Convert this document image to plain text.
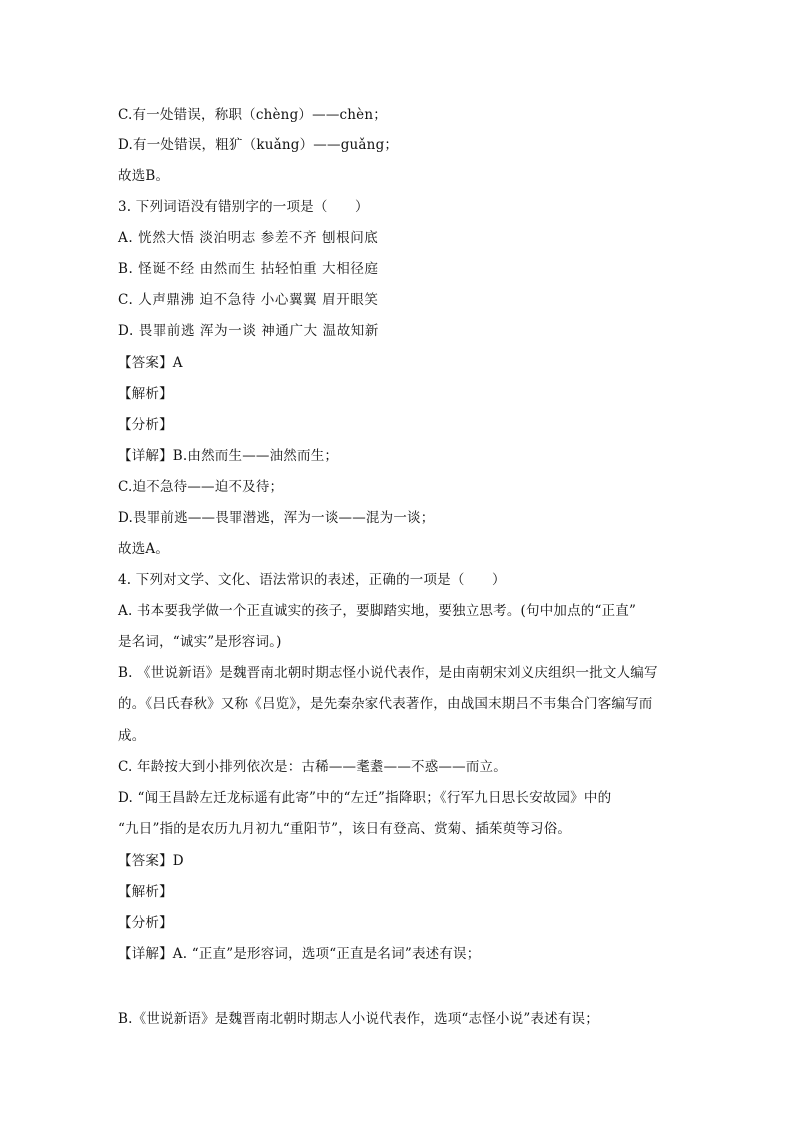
C.有一处错误，称职（chèng）——chèn；
D.有一处错误，粗犷（kuǎng）——guǎng；
故选B。
3. 下列词语没有错别字的一项是（　　）
A. 恍然大悟 淡泊明志 参差不齐 刨根问底
B. 怪诞不经 由然而生 拈轻怕重 大相径庭
C. 人声鼎沸 迫不急待 小心翼翼 眉开眼笑
D. 畏罪前逃 浑为一谈 神通广大 温故知新
【答案】A
【解析】
【分析】
【详解】B.由然而生——油然而生；
C.迫不急待——迫不及待；
D.畏罪前逃——畏罪潜逃，浑为一谈——混为一谈；
故选A。
4. 下列对文学、文化、语法常识的表述，正确的一项是（　　）
A. 书本要我学做一个正直诚实的孩子，要脚踏实地，要独立思考。(句中加点的“正直”
是名词，“诚实”是形容词。)
B. 《世说新语》是魏晋南北朝时期志怪小说代表作，是由南朝宋刘义庆组织一批文人编写
的。《吕氏春秋》又称《吕览》，是先秦杂家代表著作，由战国末期吕不韦集合门客编写而
成。
C. 年龄按大到小排列依次是：古稀——耄耋——不惑——而立。
D. “闻王昌龄左迁龙标遥有此寄”中的“左迁”指降职；《行军九日思长安故园》中的
“九日”指的是农历九月初九“重阳节”，该日有登高、赏菊、插茱萸等习俗。
【答案】D
【解析】
【分析】
【详解】A. “正直”是形容词，选项“正直是名词”表述有误；
B.《世说新语》是魏晋南北朝时期志人小说代表作，选项“志怪小说”表述有误；
